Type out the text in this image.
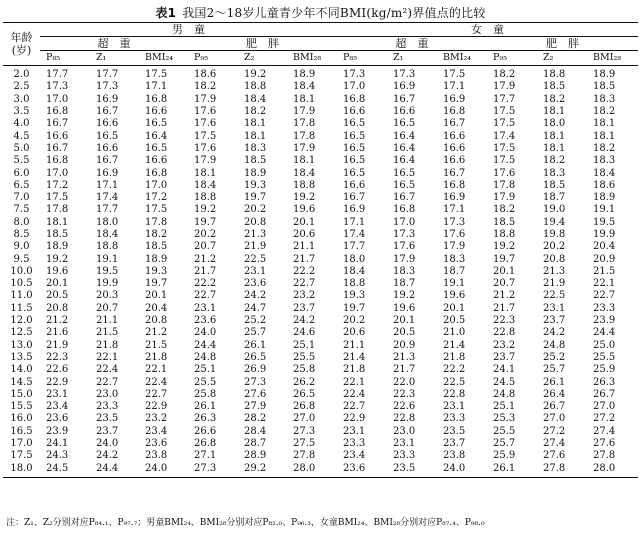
表1 我国2～18岁儿童青少年不同BMI(kg/m²)界值点的比较
年龄
(岁)	男　童						女　童					
	超　重			肥　胖			超　重			肥　胖		
	P₈₅	Z₁	BMI₂₄	P₉₅	Z₂	BMI₂₈	P₈₅	Z₁	BMI₂₄	P₉₅	Z₂	BMI₂₈
2.0	17.7	17.7	17.5	18.6	19.2	18.9	17.3	17.3	17.5	18.2	18.8	18.9
2.5	17.3	17.3	17.1	18.2	18.8	18.4	17.0	16.9	17.1	17.9	18.5	18.5
3.0	17.0	16.9	16.8	17.9	18.4	18.1	16.8	16.7	16.9	17.7	18.2	18.3
3.5	16.8	16.7	16.6	17.6	18.2	17.9	16.6	16.6	16.8	17.5	18.1	18.2
4.0	16.7	16.6	16.5	17.6	18.1	17.8	16.5	16.5	16.7	17.5	18.0	18.1
4.5	16.6	16.5	16.4	17.5	18.1	17.8	16.5	16.4	16.6	17.4	18.1	18.1
5.0	16.7	16.6	16.5	17.6	18.3	17.9	16.5	16.4	16.6	17.5	18.1	18.2
5.5	16.8	16.7	16.6	17.9	18.5	18.1	16.5	16.4	16.6	17.5	18.2	18.3
6.0	17.0	16.9	16.8	18.1	18.9	18.4	16.5	16.5	16.7	17.6	18.3	18.4
6.5	17.2	17.1	17.0	18.4	19.3	18.8	16.6	16.5	16.8	17.8	18.5	18.6
7.0	17.5	17.4	17.2	18.8	19.7	19.2	16.7	16.7	16.9	17.9	18.7	18.9
7.5	17.8	17.7	17.5	19.2	20.2	19.6	16.9	16.8	17.1	18.2	19.0	19.1
8.0	18.1	18.0	17.8	19.7	20.8	20.1	17.1	17.0	17.3	18.5	19.4	19.5
8.5	18.5	18.4	18.2	20.2	21.3	20.6	17.4	17.3	17.6	18.8	19.8	19.9
9.0	18.9	18.8	18.5	20.7	21.9	21.1	17.7	17.6	17.9	19.2	20.2	20.4
9.5	19.2	19.1	18.9	21.2	22.5	21.7	18.0	17.9	18.3	19.7	20.8	20.9
10.0	19.6	19.5	19.3	21.7	23.1	22.2	18.4	18.3	18.7	20.1	21.3	21.5
10.5	20.1	19.9	19.7	22.2	23.6	22.7	18.8	18.7	19.1	20.7	21.9	22.1
11.0	20.5	20.3	20.1	22.7	24.2	23.2	19.3	19.2	19.6	21.2	22.5	22.7
11.5	20.8	20.7	20.4	23.1	24.7	23.7	19.7	19.6	20.1	21.7	23.1	23.3
12.0	21.2	21.1	20.8	23.6	25.2	24.2	20.2	20.1	20.5	22.3	23.7	23.9
12.5	21.6	21.5	21.2	24.0	25.7	24.6	20.6	20.5	21.0	22.8	24.2	24.4
13.0	21.9	21.8	21.5	24.4	26.1	25.1	21.1	20.9	21.4	23.2	24.8	25.0
13.5	22.3	22.1	21.8	24.8	26.5	25.5	21.4	21.3	21.8	23.7	25.2	25.5
14.0	22.6	22.4	22.1	25.1	26.9	25.8	21.8	21.7	22.2	24.1	25.7	25.9
14.5	22.9	22.7	22.4	25.5	27.3	26.2	22.1	22.0	22.5	24.5	26.1	26.3
15.0	23.1	23.0	22.7	25.8	27.6	26.5	22.4	22.3	22.8	24.8	26.4	26.7
15.5	23.4	23.3	22.9	26.1	27.9	26.8	22.7	22.6	23.1	25.1	26.7	27.0
16.0	23.6	23.5	23.2	26.3	28.2	27.0	22.9	22.8	23.3	25.3	27.0	27.2
16.5	23.9	23.7	23.4	26.6	28.4	27.3	23.1	23.0	23.5	25.5	27.2	27.4
17.0	24.1	24.0	23.6	26.8	28.7	27.5	23.3	23.1	23.7	25.7	27.4	27.6
17.5	24.3	24.2	23.8	27.1	28.9	27.8	23.4	23.3	23.8	25.9	27.6	27.8
18.0	24.5	24.4	24.0	27.3	29.2	28.0	23.6	23.5	24.0	26.1	27.8	28.0
注：Z₁、Z₂分别对应P₈₄.₁、P₉₇.₇；男童BMI₂₄、BMI₂₈分别对应P₈₂.₀、P₉₆.₃，女童BMI₂₄、BMI₂₈分别对应P₈₇.₄、P₉₈.₀
